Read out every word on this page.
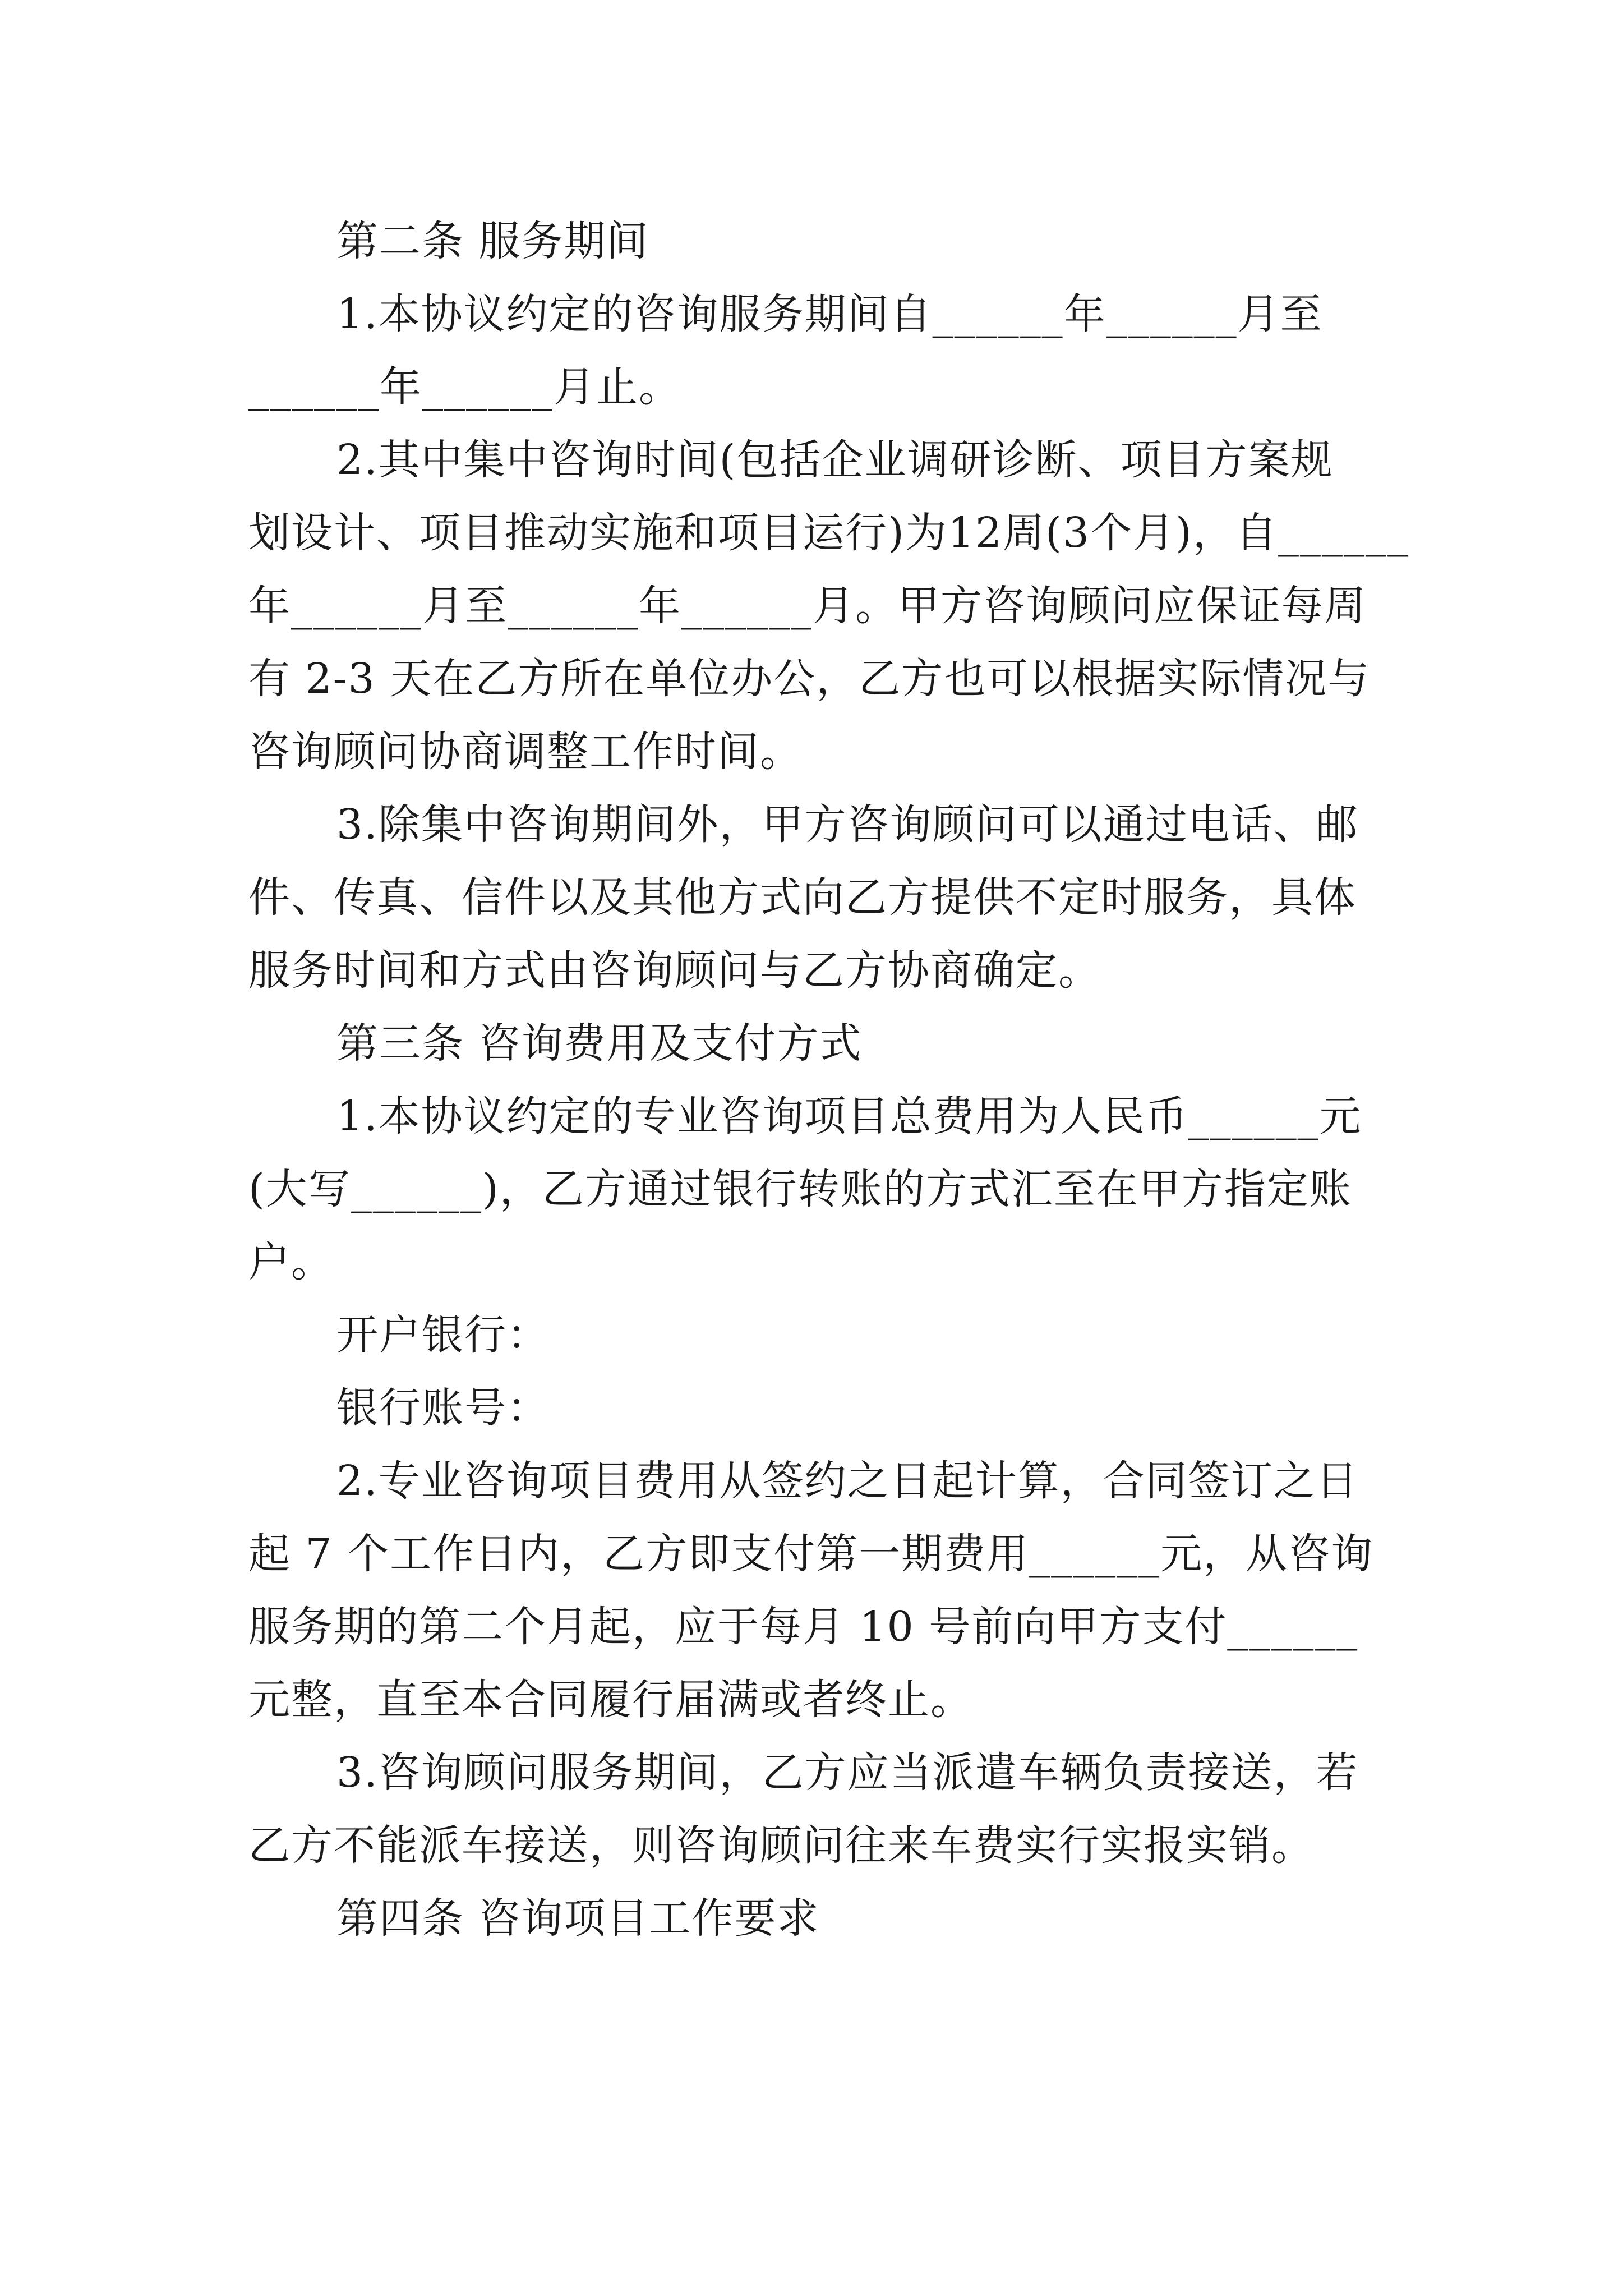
第二条 服务期间
1.本协议约定的咨询服务期间自______年______月至
______年______月止。
2.其中集中咨询时间(包括企业调研诊断、项目方案规
划设计、项目推动实施和项目运行)为12周(3个月)，自______
年______月至______年______月。甲方咨询顾问应保证每周
有 2-3 天在乙方所在单位办公，乙方也可以根据实际情况与
咨询顾问协商调整工作时间。
3.除集中咨询期间外，甲方咨询顾问可以通过电话、邮
件、传真、信件以及其他方式向乙方提供不定时服务，具体
服务时间和方式由咨询顾问与乙方协商确定。
第三条 咨询费用及支付方式
1.本协议约定的专业咨询项目总费用为人民币______元
(大写______)，乙方通过银行转账的方式汇至在甲方指定账
户。
开户银行：
银行账号：
2.专业咨询项目费用从签约之日起计算，合同签订之日
起 7 个工作日内，乙方即支付第一期费用______元，从咨询
服务期的第二个月起，应于每月 10 号前向甲方支付______
元整，直至本合同履行届满或者终止。
3.咨询顾问服务期间，乙方应当派遣车辆负责接送，若
乙方不能派车接送，则咨询顾问往来车费实行实报实销。
第四条 咨询项目工作要求
